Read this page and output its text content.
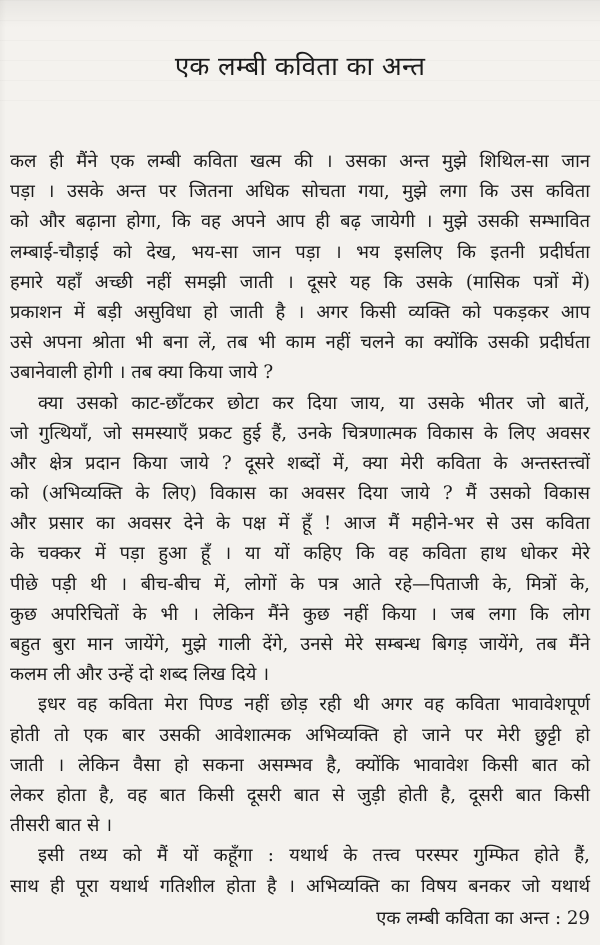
एक लम्बी कविता का अन्त
कल ही मैंने एक लम्बी कविता खत्म की । उसका अन्त मुझे शिथिल-सा जान
पड़ा । उसके अन्त पर जितना अधिक सोचता गया, मुझे लगा कि उस कविता
को और बढ़ाना होगा, कि वह अपने आप ही बढ़ जायेगी । मुझे उसकी सम्भावित
लम्बाई-चौड़ाई को देख, भय-सा जान पड़ा । भय इसलिए कि इतनी प्रदीर्घता
हमारे यहाँ अच्छी नहीं समझी जाती । दूसरे यह कि उसके (मासिक पत्रों में)
प्रकाशन में बड़ी असुविधा हो जाती है । अगर किसी व्यक्ति को पकड़कर आप
उसे अपना श्रोता भी बना लें, तब भी काम नहीं चलने का क्योंकि उसकी प्रदीर्घता
उबानेवाली होगी । तब क्या किया जाये ?
क्या उसको काट-छाँटकर छोटा कर दिया जाय, या उसके भीतर जो बातें,
जो गुत्थियाँ, जो समस्याएँ प्रकट हुई हैं, उनके चित्रणात्मक विकास के लिए अवसर
और क्षेत्र प्रदान किया जाये ? दूसरे शब्दों में, क्या मेरी कविता के अन्तस्तत्त्वों
को (अभिव्यक्ति के लिए) विकास का अवसर दिया जाये ? मैं उसको विकास
और प्रसार का अवसर देने के पक्ष में हूँ ! आज मैं महीने-भर से उस कविता
के चक्कर में पड़ा हुआ हूँ । या यों कहिए कि वह कविता हाथ धोकर मेरे
पीछे पड़ी थी । बीच-बीच में, लोगों के पत्र आते रहे—पिताजी के, मित्रों के,
कुछ अपरिचितों के भी । लेकिन मैंने कुछ नहीं किया । जब लगा कि लोग
बहुत बुरा मान जायेंगे, मुझे गाली देंगे, उनसे मेरे सम्बन्ध बिगड़ जायेंगे, तब मैंने
कलम ली और उन्हें दो शब्द लिख दिये ।
इधर वह कविता मेरा पिण्ड नहीं छोड़ रही थी अगर वह कविता भावावेशपूर्ण
होती तो एक बार उसकी आवेशात्मक अभिव्यक्ति हो जाने पर मेरी छुट्टी हो
जाती । लेकिन वैसा हो सकना असम्भव है, क्योंकि भावावेश किसी बात को
लेकर होता है, वह बात किसी दूसरी बात से जुड़ी होती है, दूसरी बात किसी
तीसरी बात से ।
इसी तथ्य को मैं यों कहूँगा : यथार्थ के तत्त्व परस्पर गुम्फित होते हैं,
साथ ही पूरा यथार्थ गतिशील होता है । अभिव्यक्ति का विषय बनकर जो यथार्थ
एक लम्बी कविता का अन्त : 29
